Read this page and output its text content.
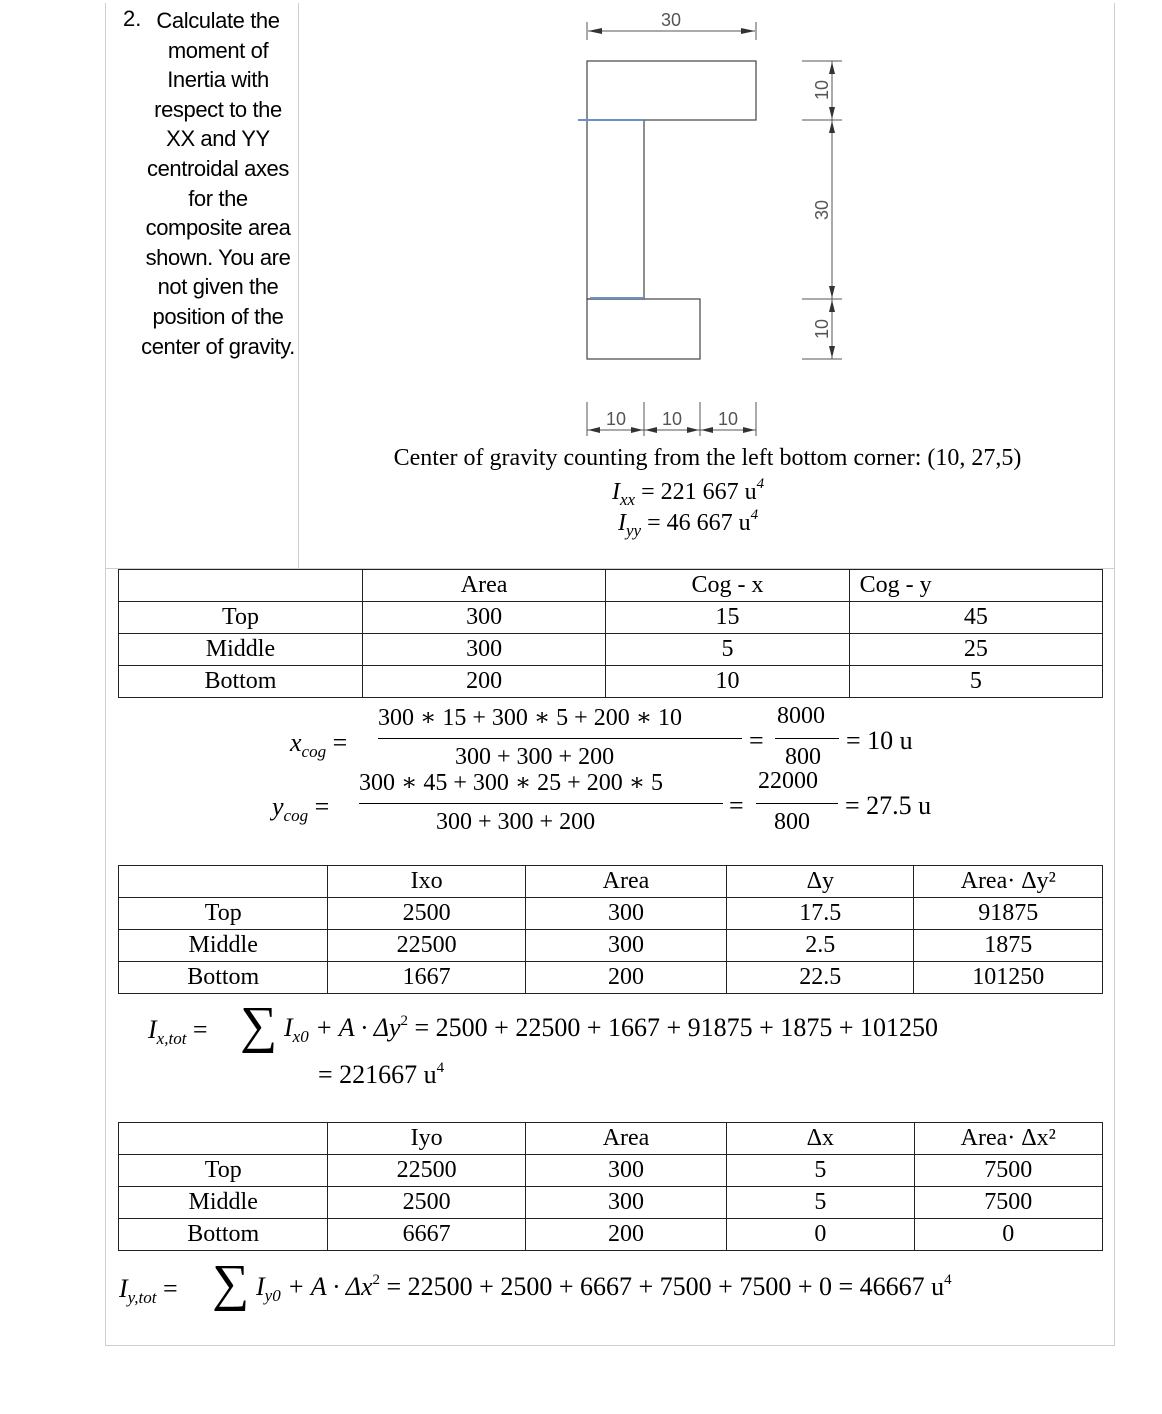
2. Calculate the moment of Inertia with respect to the XX and YY centroidal axes for the composite area shown. You are not given the position of the center of gravity.
30
10
30
10
10 10 10
Center of gravity counting from the left bottom corner: (10, 27,5)
$I_{xx} = 221$ 667 $u^4$
$I_{yy} = 46$ 667 $u^4$
	Area	Cog - x	Cog - y
Top	300	15	45
Middle	300	5	25
Bottom	200	10	5
$x_{cog}$ =
300 ∗ 15 + 300 ∗ 5 + 200 ∗ 10
300 + 300 + 200
=
8000
800
= 10 u
$y_{cog}$ =
300 ∗ 45 + 300 ∗ 25 + 200 ∗ 5
300 + 300 + 200
=
22000
800
= 27.5 u
	Ixo	Area	Δy	Area· Δy²
Top	2500	300	17.5	91875
Middle	22500	300	2.5	1875
Bottom	1667	200	22.5	101250
$I_{x,tot}$ = ∑ $I_{x0} + A \cdot \Delta y^2 = 2500 + 22500 + 1667 + 91875 + 1875 + 101250$
= 221667 $u^4$
	Iyo	Area	Δx	Area· Δx²
Top	22500	300	5	7500
Middle	2500	300	5	7500
Bottom	6667	200	0	0
$I_{y,tot}$ = ∑ $I_{y0} + A \cdot \Delta x^2 = 22500 + 2500 + 6667 + 7500 + 7500 + 0 = 46667$ $u^4$
